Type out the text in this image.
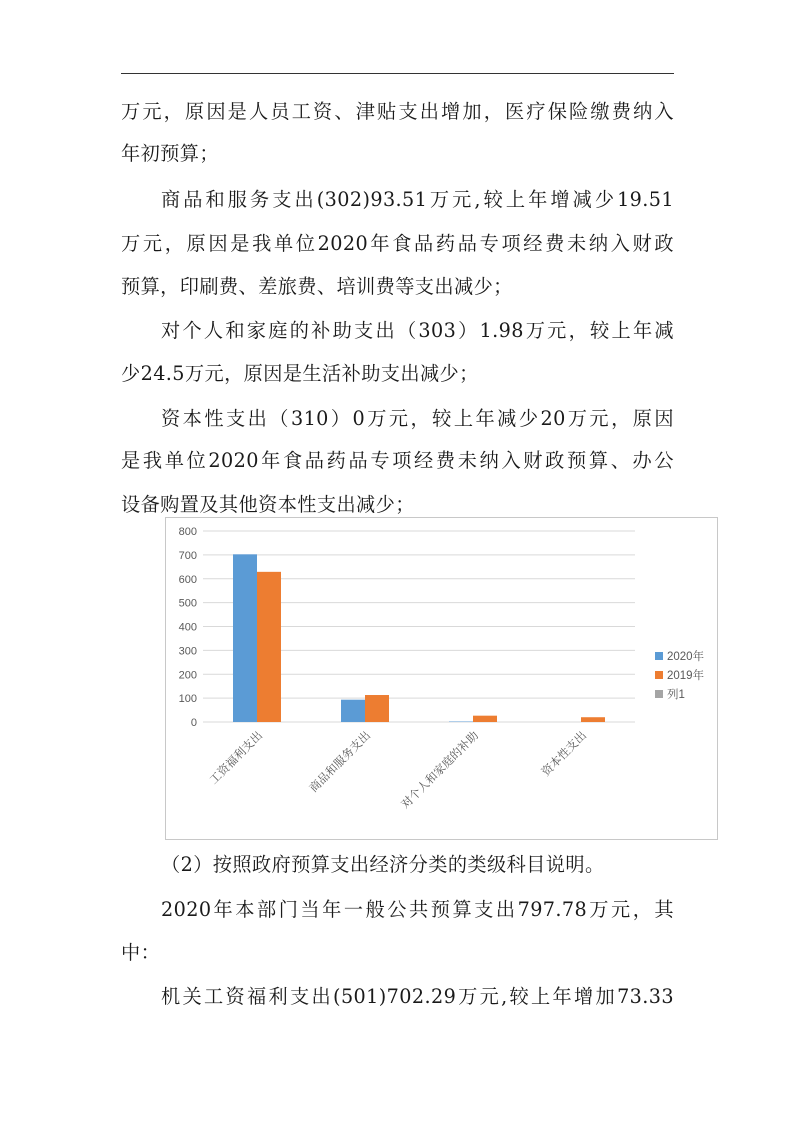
万元，原因是人员工资、津贴支出增加，医疗保险缴费纳入
年初预算；
商品和服务支出(302)93.51万元,较上年增减少19.51
万元，原因是我单位2020年食品药品专项经费未纳入财政
预算，印刷费、差旅费、培训费等支出减少；
对个人和家庭的补助支出（303）1.98万元，较上年减
少24.5万元，原因是生活补助支出减少；
资本性支出（310）0万元，较上年减少20万元，原因
是我单位2020年食品药品专项经费未纳入财政预算、办公
设备购置及其他资本性支出减少；
0
100
200
300
400
500
600
700
800
工资福利支出	商品和服务支出 对个人和家庭的补助	资本性支出
2020年
2019年
列1
（2）按照政府预算支出经济分类的类级科目说明。
2020年本部门当年一般公共预算支出797.78万元，其
中：
机关工资福利支出(501)702.29万元,较上年增加73.33
